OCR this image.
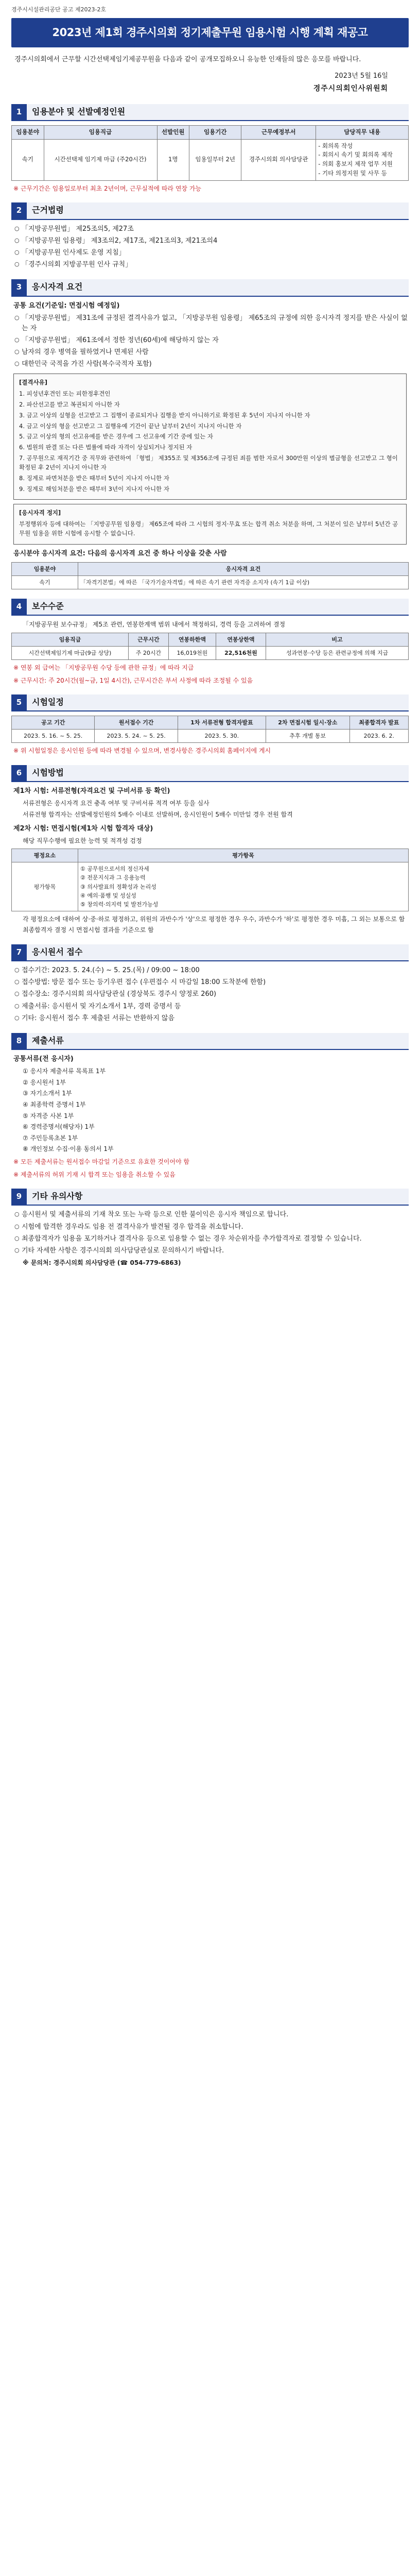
경주시시설관리공단 공고 제2023-2호
2023년 제1회 경주시의회 정기제출무원 임용시험 시행 계획 재공고
경주시의회에서 근무할 시간선택제임기제공무원을 다음과 같이 공개모집하오니 유능한 인재들의 많은 응모를 바랍니다.
2023년 5월 16일
경주시의회인사위원회
1	임용분야 및 선발예정인원
임용분야	임용직급	선발인원	임용기간	근무예정부서	담당직무 내용
속기	시간선택제 임기제 마급 (주20시간)	1명	임용일부터 2년	경주시의회 의사담당관	- 회의록 작성
- 회의시 속기 및 회의록 제작
- 의회 홍보지 제작 업무 지원
- 기타 의정지원 및 사무 등
※ 근무기간은 임용일로부터 최초 2년이며, 근무실적에 따라 연장 가능
2	근거법령
○ 「지방공무원법」 제25조의5, 제27조
○ 「지방공무원 임용령」 제3조의2, 제17조, 제21조의3, 제21조의4
○ 「지방공무원 인사제도 운영 지침」
○ 「경주시의회 지방공무원 인사 규칙」
3	응시자격 요건
공통 요건(기준일: 면접시험 예정일)
○ 「지방공무원법」 제31조에 규정된 결격사유가 없고, 「지방공무원 임용령」 제65조의 규정에 의한 응시자격 정지를 받은 사실이 없는 자
○ 「지방공무원법」 제61조에서 정한 정년(60세)에 해당하지 않는 자
○ 남자의 경우 병역을 필하였거나 면제된 사람
○ 대한민국 국적을 가진 사람(복수국적자 포함)
[결격사유]

1. 피성년후견인 또는 피한정후견인

2. 파산선고를 받고 복권되지 아니한 자

3. 금고 이상의 실형을 선고받고 그 집행이 종료되거나 집행을 받지 아니하기로 확정된 후 5년이 지나지 아니한 자

4. 금고 이상의 형을 선고받고 그 집행유예 기간이 끝난 날부터 2년이 지나지 아니한 자

5. 금고 이상의 형의 선고유예를 받은 경우에 그 선고유예 기간 중에 있는 자

6. 법원의 판결 또는 다른 법률에 따라 자격이 상실되거나 정지된 자

7. 공무원으로 재직기간 중 직무와 관련하여 「형법」 제355조 및 제356조에 규정된 죄를 범한 자로서 300만원 이상의 벌금형을 선고받고 그 형이 확정된 후 2년이 지나지 아니한 자

8. 징계로 파면처분을 받은 때부터 5년이 지나지 아니한 자

9. 징계로 해임처분을 받은 때부터 3년이 지나지 아니한 자

[응시자격 정지]

부정행위자 등에 대하여는 「지방공무원 임용령」 제65조에 따라 그 시험의 정지·무효 또는 합격 취소 처분을 하며, 그 처분이 있은 날부터 5년간 공무원 임용을 위한 시험에 응시할 수 없습니다.

응시분야 응시자격 요건: 다음의 응시자격 요건 중 하나 이상을 갖춘 사람
임용분야	응시자격 요건
속기	「자격기본법」에 따른 「국가기술자격법」에 따른 속기 관련 자격증 소지자 (속기 1급 이상)
4	보수수준
「지방공무원 보수규정」 제5조 관련, 연봉한계액 범위 내에서 책정하되, 경력 등을 고려하여 결정
임용직급	근무시간	연봉하한액	연봉상한액	비고
시간선택제임기제 마급(9급 상당)	주 20시간	16,019천원	22,516천원	성과연봉·수당 등은 관련규정에 의해 지급
※ 연봉 외 급여는 「지방공무원 수당 등에 관한 규정」에 따라 지급
※ 근무시간: 주 20시간(월~금, 1일 4시간), 근무시간은 부서 사정에 따라 조정될 수 있음
5	시험일정
공고 기간	원서접수 기간	1차 서류전형 합격자발표	2차 면접시험 일시·장소	최종합격자 발표
2023. 5. 16. ~ 5. 25.	2023. 5. 24. ~ 5. 25.	2023. 5. 30.	추후 개별 통보	2023. 6. 2.
※ 위 시험일정은 응시인원 등에 따라 변경될 수 있으며, 변경사항은 경주시의회 홈페이지에 게시
6	시험방법
제1차 시험: 서류전형(자격요건 및 구비서류 등 확인)
서류전형은 응시자격 요건 충족 여부 및 구비서류 적격 여부 등을 심사
서류전형 합격자는 선발예정인원의 5배수 이내로 선발하며, 응시인원이 5배수 미만일 경우 전원 합격
제2차 시험: 면접시험(제1차 시험 합격자 대상)
해당 직무수행에 필요한 능력 및 적격성 검정
평정요소	평가항목
평가항목	① 공무원으로서의 정신자세
② 전문지식과 그 응용능력
③ 의사발표의 정확성과 논리성
④ 예의·품행 및 성실성
⑤ 창의력·의지력 및 발전가능성
각 평정요소에 대하여 상·중·하로 평정하고, 위원의 과반수가 '상'으로 평정한 경우 우수, 과반수가 '하'로 평정한 경우 미흡, 그 외는 보통으로 함
최종합격자 결정 시 면접시험 결과를 기준으로 함
7	응시원서 접수
○ 접수기간: 2023. 5. 24.(수) ~ 5. 25.(목) / 09:00 ~ 18:00
○ 접수방법: 방문 접수 또는 등기우편 접수 (우편접수 시 마감일 18:00 도착분에 한함)
○ 접수장소: 경주시의회 의사담당관실 (경상북도 경주시 양정로 260)
○ 제출서류: 응시원서 및 자기소개서 1부, 경력 증명서 등
○ 기타: 응시원서 접수 후 제출된 서류는 반환하지 않음
8	제출서류
공통서류(전 응시자)
① 응시자 제출서류 목록표 1부
② 응시원서 1부
③ 자기소개서 1부
④ 최종학력 증명서 1부
⑤ 자격증 사본 1부
⑥ 경력증명서(해당자) 1부
⑦ 주민등록초본 1부
⑧ 개인정보 수집·이용 동의서 1부
※ 모든 제출서류는 원서접수 마감일 기준으로 유효한 것이어야 함
※ 제출서류의 허위 기재 시 합격 또는 임용을 취소할 수 있음
9	기타 유의사항
○ 응시원서 및 제출서류의 기재 착오 또는 누락 등으로 인한 불이익은 응시자 책임으로 합니다.
○ 시험에 합격한 경우라도 임용 전 결격사유가 발견될 경우 합격을 취소합니다.
○ 최종합격자가 임용을 포기하거나 결격사유 등으로 임용할 수 없는 경우 차순위자를 추가합격자로 결정할 수 있습니다.
○ 기타 자세한 사항은 경주시의회 의사담당관실로 문의하시기 바랍니다.
※ 문의처: 경주시의회 의사담당관 (☎ 054-779-6863)
